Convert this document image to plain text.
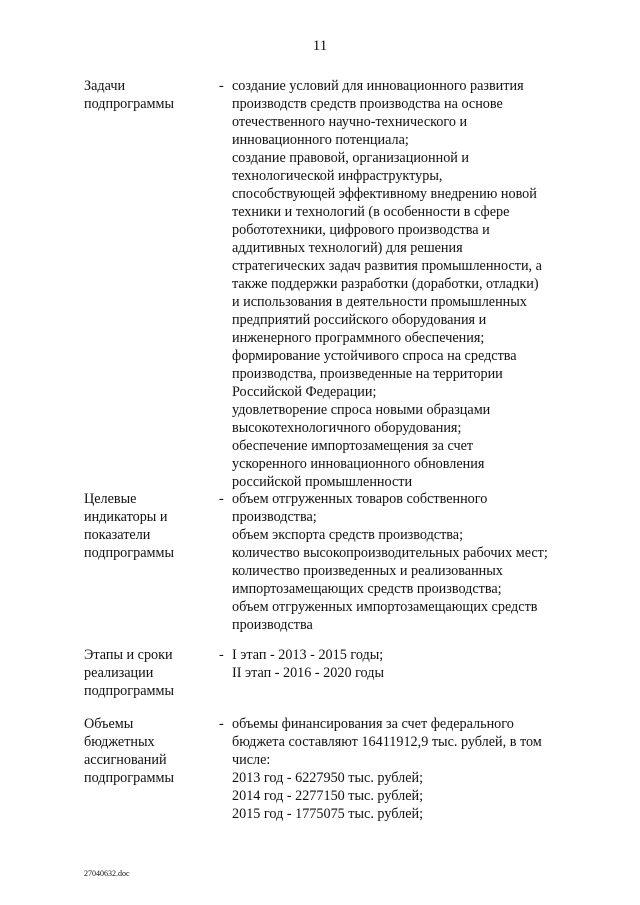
11
Задачи
подпрограммы
- создание условий для инновационного развития
производств средств производства на основе
отечественного научно-технического и
инновационного потенциала;
создание правовой, организационной и
технологической инфраструктуры,
способствующей эффективному внедрению новой
техники и технологий (в особенности в сфере
робототехники, цифрового производства и
аддитивных технологий) для решения
стратегических задач развития промышленности, а
также поддержки разработки (доработки, отладки)
и использования в деятельности промышленных
предприятий российского оборудования и
инженерного программного обеспечения;
формирование устойчивого спроса на средства
производства, произведенные на территории
Российской Федерации;
удовлетворение спроса новыми образцами
высокотехнологичного оборудования;
обеспечение импортозамещения за счет
ускоренного инновационного обновления
российской промышленности
Целевые
индикаторы и
показатели
подпрограммы
- объем отгруженных товаров собственного
производства;
объем экспорта средств производства;
количество высокопроизводительных рабочих мест;
количество произведенных и реализованных
импортозамещающих средств производства;
объем отгруженных импортозамещающих средств
производства
Этапы и сроки
реализации
подпрограммы
- I этап - 2013 - 2015 годы;
II этап - 2016 - 2020 годы
Объемы
бюджетных
ассигнований
подпрограммы
- объемы финансирования за счет федерального
бюджета составляют 16411912,9 тыс. рублей, в том
числе:
2013 год - 6227950 тыс. рублей;
2014 год - 2277150 тыс. рублей;
2015 год - 1775075 тыс. рублей;
27040632.doc
